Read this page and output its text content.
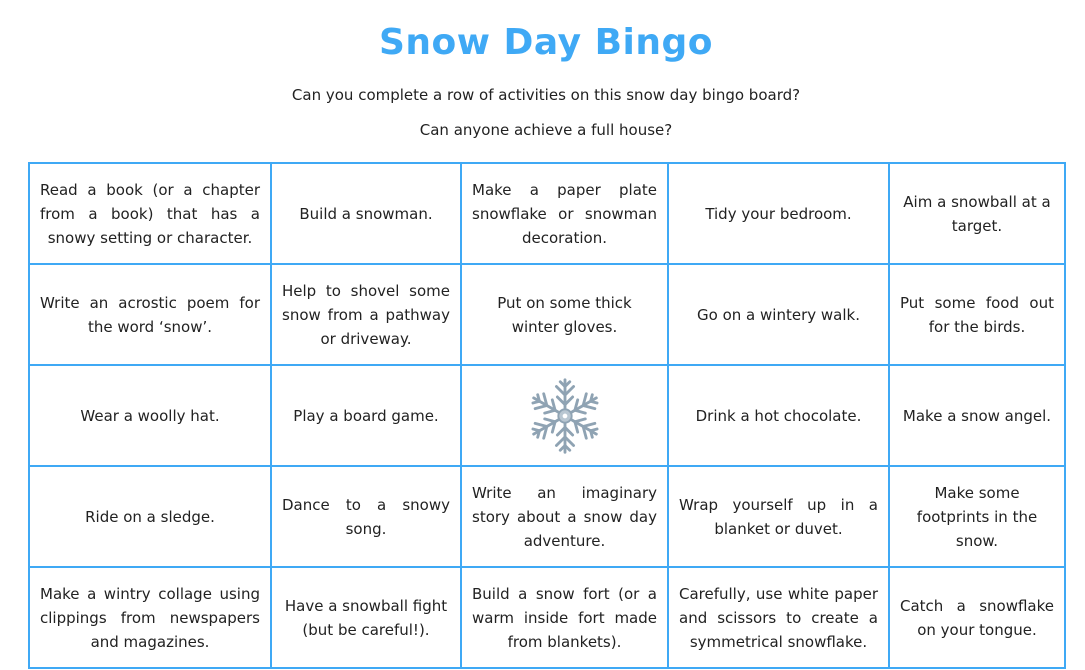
Snow Day Bingo

Can you complete a row of activities on this snow day bingo board?

Can anyone achieve a full house?

Read a book (or a chapter from a book) that has a snowy setting or character.	Build a snowman.	Make a paper plate snowflake or snowman decoration.	Tidy your bedroom.	Aim a snowball at a target.
Write an acrostic poem for the word ‘snow’.	Help to shovel some snow from a pathway or driveway.	Put on some thick winter gloves.	Go on a wintery walk.	Put some food out for the birds.
Wear a woolly hat.	Play a board game.		Drink a hot chocolate.	Make a snow angel.
Ride on a sledge.	Dance to a snowy song.	Write an imaginary story about a snow day adventure.	Wrap yourself up in a blanket or duvet.	Make some footprints in the snow.
Make a wintry collage using clippings from newspapers and magazines.	Have a snowball fight (but be careful!).	Build a snow fort (or a warm inside fort made from blankets).	Carefully, use white paper and scissors to create a symmetrical snowflake.	Catch a snowflake on your tongue.
